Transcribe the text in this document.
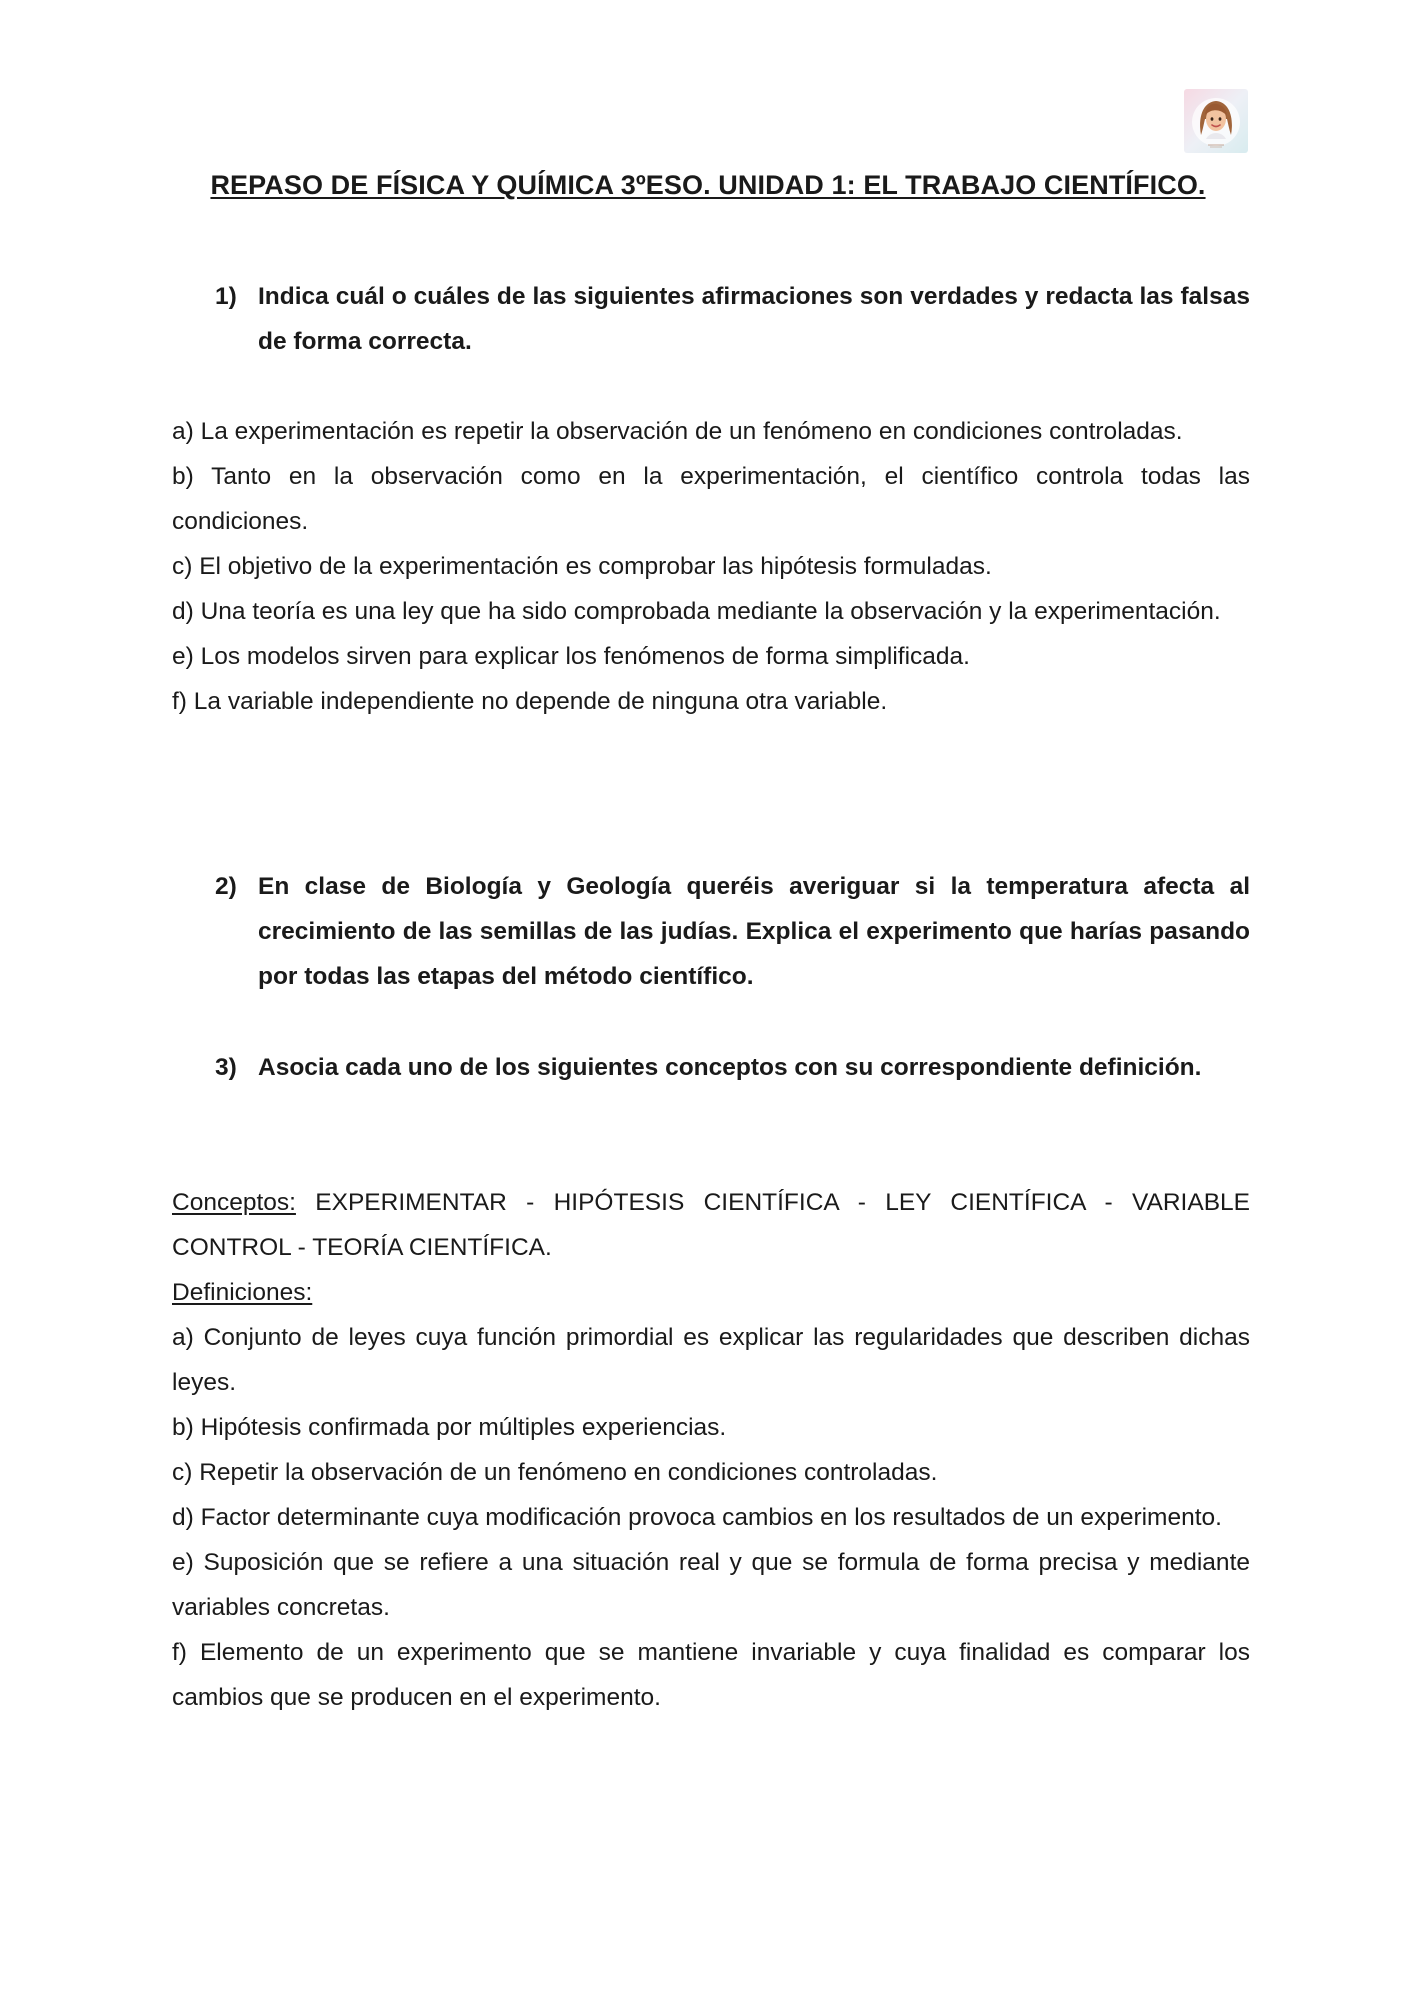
REPASO DE FÍSICA Y QUÍMICA 3ºESO. UNIDAD 1: EL TRABAJO CIENTÍFICO.
1) Indica cuál o cuáles de las siguientes afirmaciones son verdades y redacta las falsas de forma correcta.
a) La experimentación es repetir la observación de un fenómeno en condiciones controladas.
b) Tanto en la observación como en la experimentación, el científico controla todas las condiciones.
c) El objetivo de la experimentación es comprobar las hipótesis formuladas.
d) Una teoría es una ley que ha sido comprobada mediante la observación y la experimentación.
e) Los modelos sirven para explicar los fenómenos de forma simplificada.
f) La variable independiente no depende de ninguna otra variable.
2) En clase de Biología y Geología queréis averiguar si la temperatura afecta al crecimiento de las semillas de las judías. Explica el experimento que harías pasando por todas las etapas del método científico.
3) Asocia cada uno de los siguientes conceptos con su correspondiente definición.
Conceptos: EXPERIMENTAR - HIPÓTESIS CIENTÍFICA - LEY CIENTÍFICA - VARIABLE CONTROL - TEORÍA CIENTÍFICA.
Definiciones:
a) Conjunto de leyes cuya función primordial es explicar las regularidades que describen dichas leyes.
b) Hipótesis confirmada por múltiples experiencias.
c) Repetir la observación de un fenómeno en condiciones controladas.
d) Factor determinante cuya modificación provoca cambios en los resultados de un experimento.
e) Suposición que se refiere a una situación real y que se formula de forma precisa y mediante variables concretas.
f) Elemento de un experimento que se mantiene invariable y cuya finalidad es comparar los cambios que se producen en el experimento.
